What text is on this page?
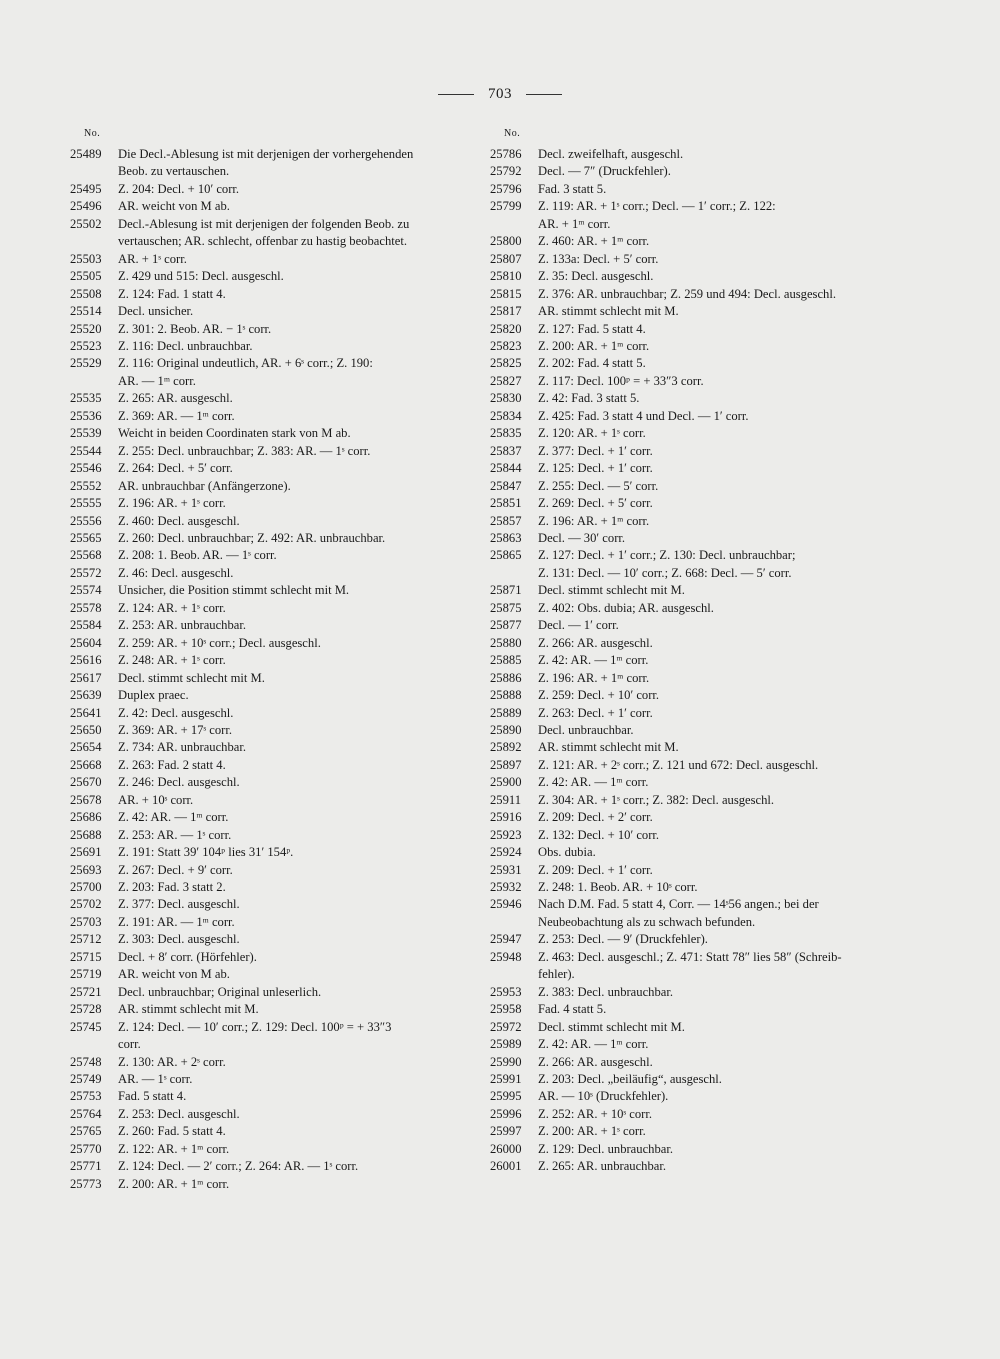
703
No.
25489	Die Decl.-Ablesung ist mit derjenigen der vorhergehenden
Beob. zu vertauschen.
25495	Z. 204: Decl. + 10′ corr.
25496	AR. weicht von M ab.
25502	Decl.-Ablesung ist mit derjenigen der folgenden Beob. zu
vertauschen; AR. schlecht, offenbar zu hastig beobachtet.
25503	AR. + 1ˢ corr.
25505	Z. 429 und 515: Decl. ausgeschl.
25508	Z. 124: Fad. 1 statt 4.
25514	Decl. unsicher.
25520	Z. 301: 2. Beob. AR. − 1ˢ corr.
25523	Z. 116: Decl. unbrauchbar.
25529	Z. 116: Original undeutlich, AR. + 6ˢ corr.; Z. 190:
AR. — 1ᵐ corr.
25535	Z. 265: AR. ausgeschl.
25536	Z. 369: AR. — 1ᵐ corr.
25539	Weicht in beiden Coordinaten stark von M ab.
25544	Z. 255: Decl. unbrauchbar; Z. 383: AR. — 1ˢ corr.
25546	Z. 264: Decl. + 5′ corr.
25552	AR. unbrauchbar (Anfängerzone).
25555	Z. 196: AR. + 1ˢ corr.
25556	Z. 460: Decl. ausgeschl.
25565	Z. 260: Decl. unbrauchbar; Z. 492: AR. unbrauchbar.
25568	Z. 208: 1. Beob. AR. — 1ˢ corr.
25572	Z. 46: Decl. ausgeschl.
25574	Unsicher, die Position stimmt schlecht mit M.
25578	Z. 124: AR. + 1ˢ corr.
25584	Z. 253: AR. unbrauchbar.
25604	Z. 259: AR. + 10ˢ corr.; Decl. ausgeschl.
25616	Z. 248: AR. + 1ˢ corr.
25617	Decl. stimmt schlecht mit M.
25639	Duplex praec.
25641	Z. 42: Decl. ausgeschl.
25650	Z. 369: AR. + 17ˢ corr.
25654	Z. 734: AR. unbrauchbar.
25668	Z. 263: Fad. 2 statt 4.
25670	Z. 246: Decl. ausgeschl.
25678	AR. + 10ˢ corr.
25686	Z. 42: AR. — 1ᵐ corr.
25688	Z. 253: AR. — 1ˢ corr.
25691	Z. 191: Statt 39′ 104ᵖ lies 31′ 154ᵖ.
25693	Z. 267: Decl. + 9′ corr.
25700	Z. 203: Fad. 3 statt 2.
25702	Z. 377: Decl. ausgeschl.
25703	Z. 191: AR. — 1ᵐ corr.
25712	Z. 303: Decl. ausgeschl.
25715	Decl. + 8′ corr. (Hörfehler).
25719	AR. weicht von M ab.
25721	Decl. unbrauchbar; Original unleserlich.
25728	AR. stimmt schlecht mit M.
25745	Z. 124: Decl. — 10′ corr.; Z. 129: Decl. 100ᵖ = + 33″3
corr.
25748	Z. 130: AR. + 2ˢ corr.
25749	AR. — 1ˢ corr.
25753	Fad. 5 statt 4.
25764	Z. 253: Decl. ausgeschl.
25765	Z. 260: Fad. 5 statt 4.
25770	Z. 122: AR. + 1ᵐ corr.
25771	Z. 124: Decl. — 2′ corr.; Z. 264: AR. — 1ˢ corr.
25773	Z. 200: AR. + 1ᵐ corr.
No.
25786	Decl. zweifelhaft, ausgeschl.
25792	Decl. — 7″ (Druckfehler).
25796	Fad. 3 statt 5.
25799	Z. 119: AR. + 1ˢ corr.; Decl. — 1′ corr.; Z. 122:
AR. + 1ᵐ corr.
25800	Z. 460: AR. + 1ᵐ corr.
25807	Z. 133a: Decl. + 5′ corr.
25810	Z. 35: Decl. ausgeschl.
25815	Z. 376: AR. unbrauchbar; Z. 259 und 494: Decl. ausgeschl.
25817	AR. stimmt schlecht mit M.
25820	Z. 127: Fad. 5 statt 4.
25823	Z. 200: AR. + 1ᵐ corr.
25825	Z. 202: Fad. 4 statt 5.
25827	Z. 117: Decl. 100ᵖ = + 33″3 corr.
25830	Z. 42: Fad. 3 statt 5.
25834	Z. 425: Fad. 3 statt 4 und Decl. — 1′ corr.
25835	Z. 120: AR. + 1ˢ corr.
25837	Z. 377: Decl. + 1′ corr.
25844	Z. 125: Decl. + 1′ corr.
25847	Z. 255: Decl. — 5′ corr.
25851	Z. 269: Decl. + 5′ corr.
25857	Z. 196: AR. + 1ᵐ corr.
25863	Decl. — 30′ corr.
25865	Z. 127: Decl. + 1′ corr.; Z. 130: Decl. unbrauchbar;
Z. 131: Decl. — 10′ corr.; Z. 668: Decl. — 5′ corr.
25871	Decl. stimmt schlecht mit M.
25875	Z. 402: Obs. dubia; AR. ausgeschl.
25877	Decl. — 1′ corr.
25880	Z. 266: AR. ausgeschl.
25885	Z. 42: AR. — 1ᵐ corr.
25886	Z. 196: AR. + 1ᵐ corr.
25888	Z. 259: Decl. + 10′ corr.
25889	Z. 263: Decl. + 1′ corr.
25890	Decl. unbrauchbar.
25892	AR. stimmt schlecht mit M.
25897	Z. 121: AR. + 2ˢ corr.; Z. 121 und 672: Decl. ausgeschl.
25900	Z. 42: AR. — 1ᵐ corr.
25911	Z. 304: AR. + 1ˢ corr.; Z. 382: Decl. ausgeschl.
25916	Z. 209: Decl. + 2′ corr.
25923	Z. 132: Decl. + 10′ corr.
25924	Obs. dubia.
25931	Z. 209: Decl. + 1′ corr.
25932	Z. 248: 1. Beob. AR. + 10ˢ corr.
25946	Nach D.M. Fad. 5 statt 4, Corr. — 14ˢ56 angen.; bei der
Neubeobachtung als zu schwach befunden.
25947	Z. 253: Decl. — 9′ (Druckfehler).
25948	Z. 463: Decl. ausgeschl.; Z. 471: Statt 78″ lies 58″ (Schreib-
fehler).
25953	Z. 383: Decl. unbrauchbar.
25958	Fad. 4 statt 5.
25972	Decl. stimmt schlecht mit M.
25989	Z. 42: AR. — 1ᵐ corr.
25990	Z. 266: AR. ausgeschl.
25991	Z. 203: Decl. „beiläufig“, ausgeschl.
25995	AR. — 10ˢ (Druckfehler).
25996	Z. 252: AR. + 10ˢ corr.
25997	Z. 200: AR. + 1ˢ corr.
26000	Z. 129: Decl. unbrauchbar.
26001	Z. 265: AR. unbrauchbar.
